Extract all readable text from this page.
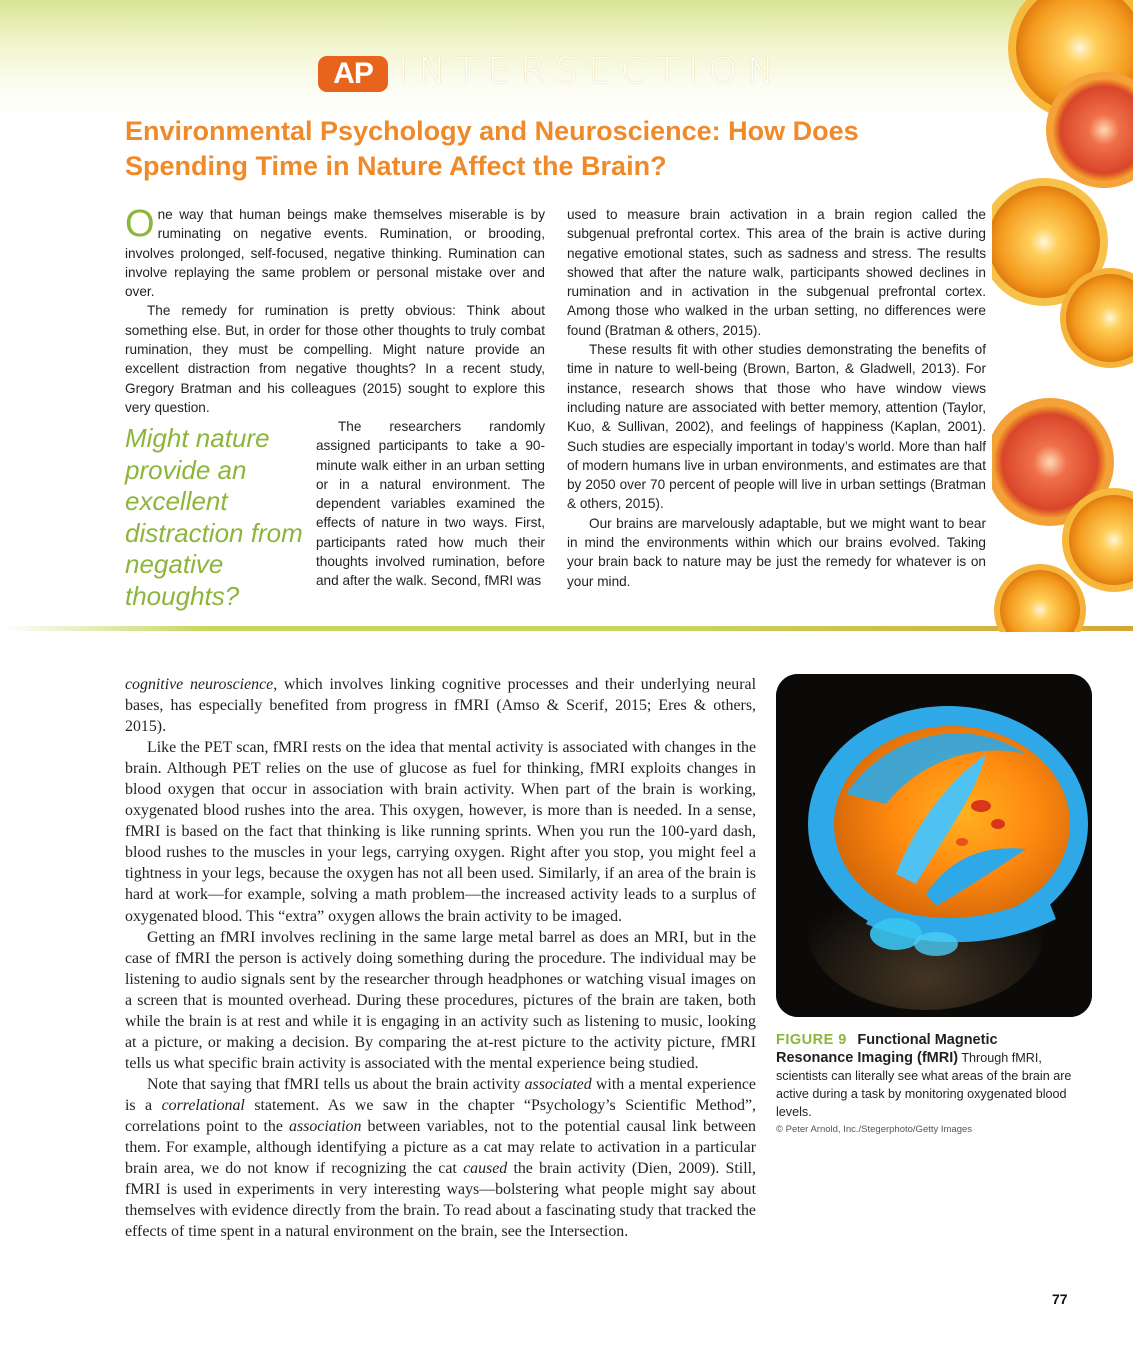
AP INTERSECTION
Environmental Psychology and Neuroscience: How Does Spending Time in Nature Affect the Brain?

One way that human beings make themselves miserable is by ruminating on negative events. Rumination, or brooding, involves prolonged, self-focused, negative thinking. Rumination can involve replaying the same problem or personal mistake over and over.

The remedy for rumination is pretty obvious: Think about something else. But, in order for those other thoughts to truly combat rumination, they must be compelling. Might nature provide an excellent distraction from negative thoughts? In a recent study, Gregory Bratman and his colleagues (2015) sought to explore this very question.

Might nature provide an excellent distraction from negative thoughts?

The researchers randomly assigned participants to take a 90-minute walk either in an urban setting or in a natural environment. The dependent variables examined the effects of nature in two ways. First, participants rated how much their thoughts involved rumination, before and after the walk. Second, fMRI was

used to measure brain activation in a brain region called the subgenual prefrontal cortex. This area of the brain is active during negative emotional states, such as sadness and stress. The results showed that after the nature walk, participants showed declines in rumination and in activation in the subgenual prefrontal cortex. Among those who walked in the urban setting, no differences were found (Bratman & others, 2015).

These results fit with other studies demonstrating the benefits of time in nature to well-being (Brown, Barton, & Gladwell, 2013). For instance, research shows that those who have window views including nature are associated with better memory, attention (Taylor, Kuo, & Sullivan, 2002), and feelings of happiness (Kaplan, 2001). Such studies are especially important in today’s world. More than half of modern humans live in urban environments, and estimates are that by 2050 over 70 percent of people will live in urban settings (Bratman & others, 2015).

Our brains are marvelously adaptable, but we might want to bear in mind the environments within which our brains evolved. Taking your brain back to nature may be just the remedy for whatever is on your mind.

cognitive neuroscience, which involves linking cognitive processes and their underlying neural bases, has especially benefited from progress in fMRI (Amso & Scerif, 2015; Eres & others, 2015).

Like the PET scan, fMRI rests on the idea that mental activity is associated with changes in the brain. Although PET relies on the use of glucose as fuel for thinking, fMRI exploits changes in blood oxygen that occur in association with brain activity. When part of the brain is working, oxygenated blood rushes into the area. This oxygen, however, is more than is needed. In a sense, fMRI is based on the fact that thinking is like running sprints. When you run the 100-yard dash, blood rushes to the muscles in your legs, carrying oxygen. Right after you stop, you might feel a tightness in your legs, because the oxygen has not all been used. Similarly, if an area of the brain is hard at work—for example, solving a math problem—the increased activity leads to a surplus of oxygenated blood. This “extra” oxygen allows the brain activity to be imaged.

Getting an fMRI involves reclining in the same large metal barrel as does an MRI, but in the case of fMRI the person is actively doing something during the procedure. The individual may be listening to audio signals sent by the researcher through headphones or watching visual images on a screen that is mounted overhead. During these procedures, pictures of the brain are taken, both while the brain is at rest and while it is engaging in an activity such as listening to music, looking at a picture, or making a decision. By comparing the at-rest picture to the activity picture, fMRI tells us what specific brain activity is associated with the mental experience being studied.

Note that saying that fMRI tells us about the brain activity associated with a mental experience is a correlational statement. As we saw in the chapter “Psychology’s Scientific Method”, correlations point to the association between variables, not to the potential causal link between them. For example, although identifying a picture as a cat may relate to activation in a particular brain area, we do not know if recognizing the cat caused the brain activity (Dien, 2009). Still, fMRI is used in experiments in very interesting ways—bolstering what people might say about themselves with evidence directly from the brain. To read about a fascinating study that tracked the effects of time spent in a natural environment on the brain, see the Intersection.

FIGURE 9 Functional Magnetic Resonance Imaging (fMRI) Through fMRI, scientists can literally see what areas of the brain are active during a task by monitoring oxygenated blood levels.
© Peter Arnold, Inc./Stegerphoto/Getty Images
77
